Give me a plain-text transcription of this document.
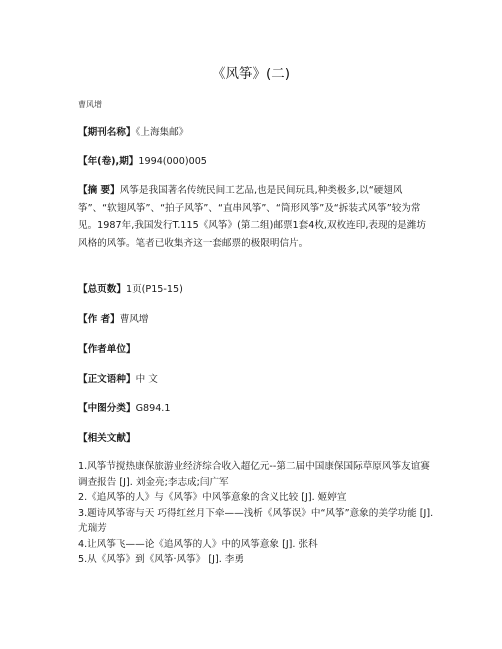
《风筝》(二)
曹风增
【期刊名称】《上海集邮》
【年(卷),期】1994(000)005
【摘 要】风筝是我国著名传统民间工艺品,也是民间玩具,种类极多,以“硬翅风筝”、“软翅风筝”、“拍子风筝”、“直串风筝”、“筒形风筝”及“拆装式风筝”较为常见。1987年,我国发行T.115《风筝》(第二组)邮票1套4枚,双枚连印,表现的是潍坊风格的风筝。笔者已收集齐这一套邮票的极限明信片。
【总页数】1页(P15-15)
【作 者】曹风增
【作者单位】
【正文语种】中 文
【中图分类】G894.1
【相关文献】

1.风筝节搅热康保旅游业经济综合收入超亿元--第二届中国康保国际草原风筝友谊赛调查报告 [J]. 刘金亮;李志成;闫广军

2.《追风筝的人》与《风筝》中风筝意象的含义比较 [J]. 姬婷宣

3.题诗风筝寄与天 巧得红丝月下牵——浅析《风筝误》中“风筝”意象的美学功能 [J]. 尤瑞芳

4.让风筝飞——论《追风筝的人》中的风筝意象 [J]. 张科

5.从《风筝》到《风筝·风筝》 [J]. 李勇
